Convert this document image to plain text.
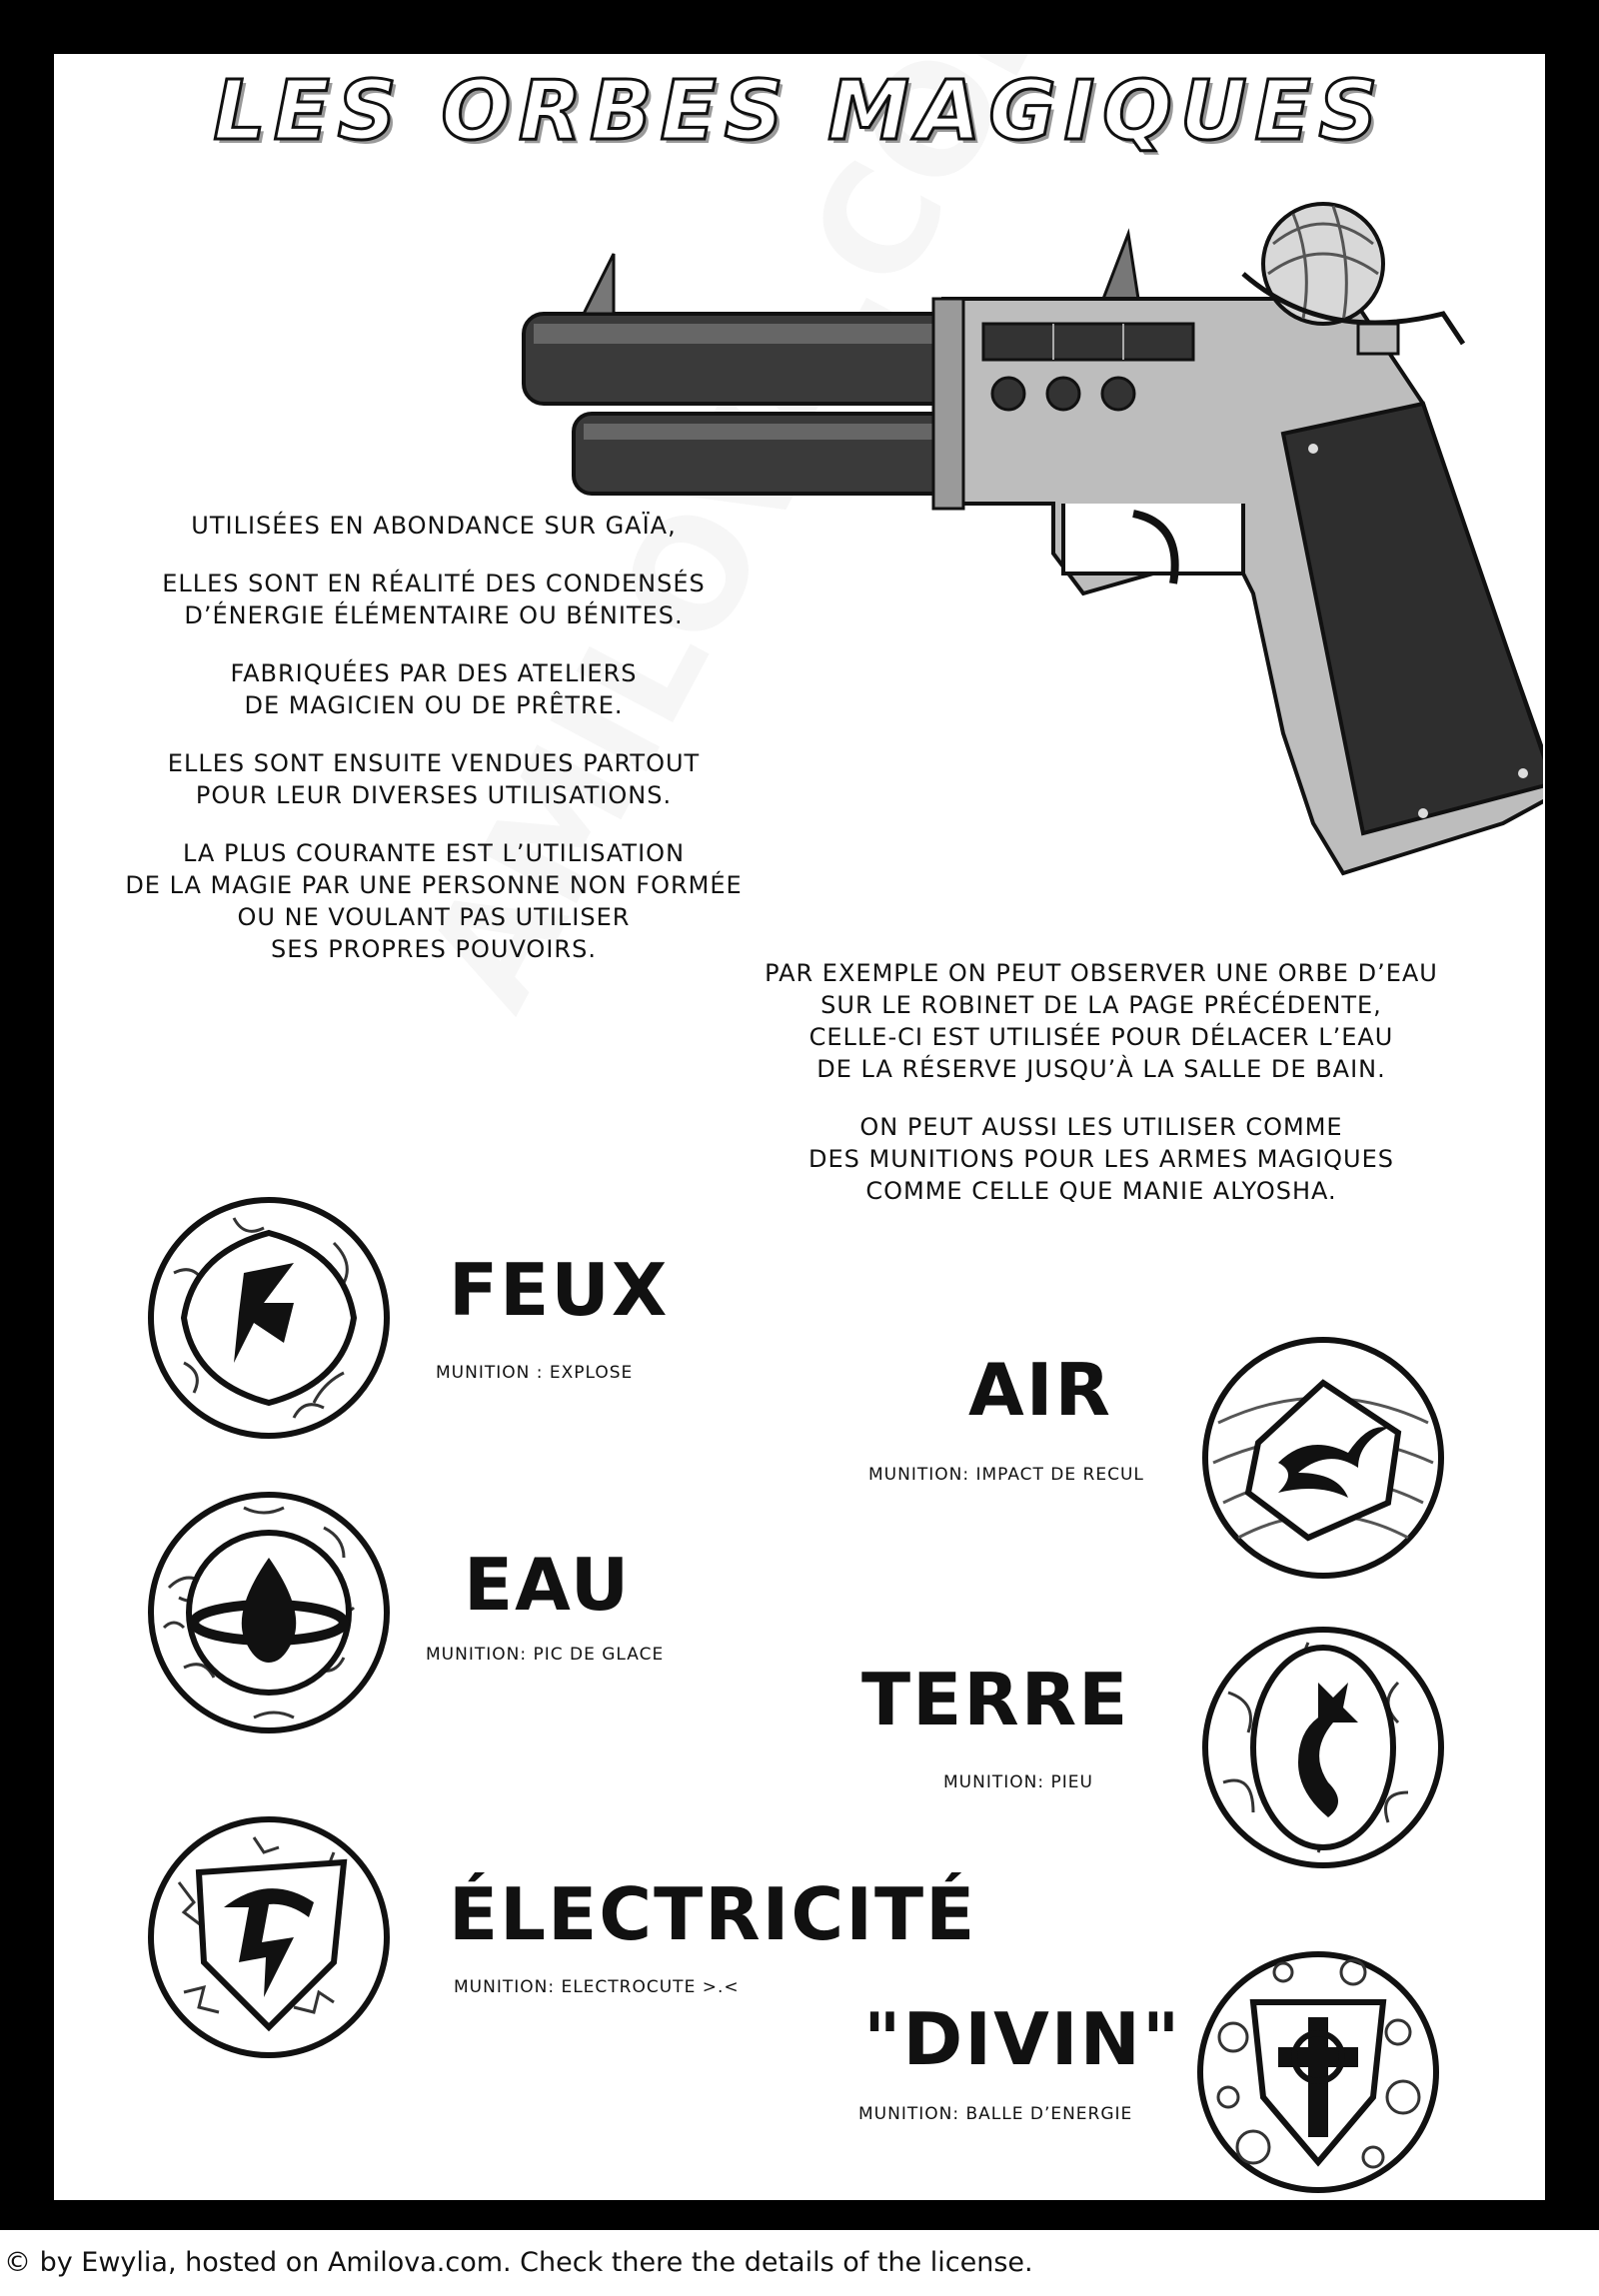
LES ORBES MAGIQUES
UTILISÉES EN ABONDANCE SUR GAÏA,
ELLES SONT EN RÉALITÉ DES CONDENSÉS
D’ÉNERGIE ÉLÉMENTAIRE OU BÉNITES.
FABRIQUÉES PAR DES ATELIERS
DE MAGICIEN OU DE PRÊTRE.
ELLES SONT ENSUITE VENDUES PARTOUT
POUR LEUR DIVERSES UTILISATIONS.
LA PLUS COURANTE EST L’UTILISATION
DE LA MAGIE PAR UNE PERSONNE NON FORMÉE
OU NE VOULANT PAS UTILISER
SES PROPRES POUVOIRS.
PAR EXEMPLE ON PEUT OBSERVER UNE ORBE D’EAU
SUR LE ROBINET DE LA PAGE PRÉCÉDENTE,
CELLE-CI EST UTILISÉE POUR DÉLACER L’EAU
DE LA RÉSERVE JUSQU’À LA SALLE DE BAIN.
ON PEUT AUSSI LES UTILISER COMME
DES MUNITIONS POUR LES ARMES MAGIQUES
COMME CELLE QUE MANIE ALYOSHA.
FEUX
MUNITION : EXPLOSE	AIR
MUNITION: IMPACT DE RECUL
EAU
MUNITION: PIC DE GLACE
TERRE
MUNITION: PIEU
ÉLECTRICITÉ
MUNITION: ELECTROCUTE >.<
"DIVIN"
MUNITION: BALLE D’ENERGIE
© by Ewylia, hosted on Amilova.com. Check there the details of the license.
